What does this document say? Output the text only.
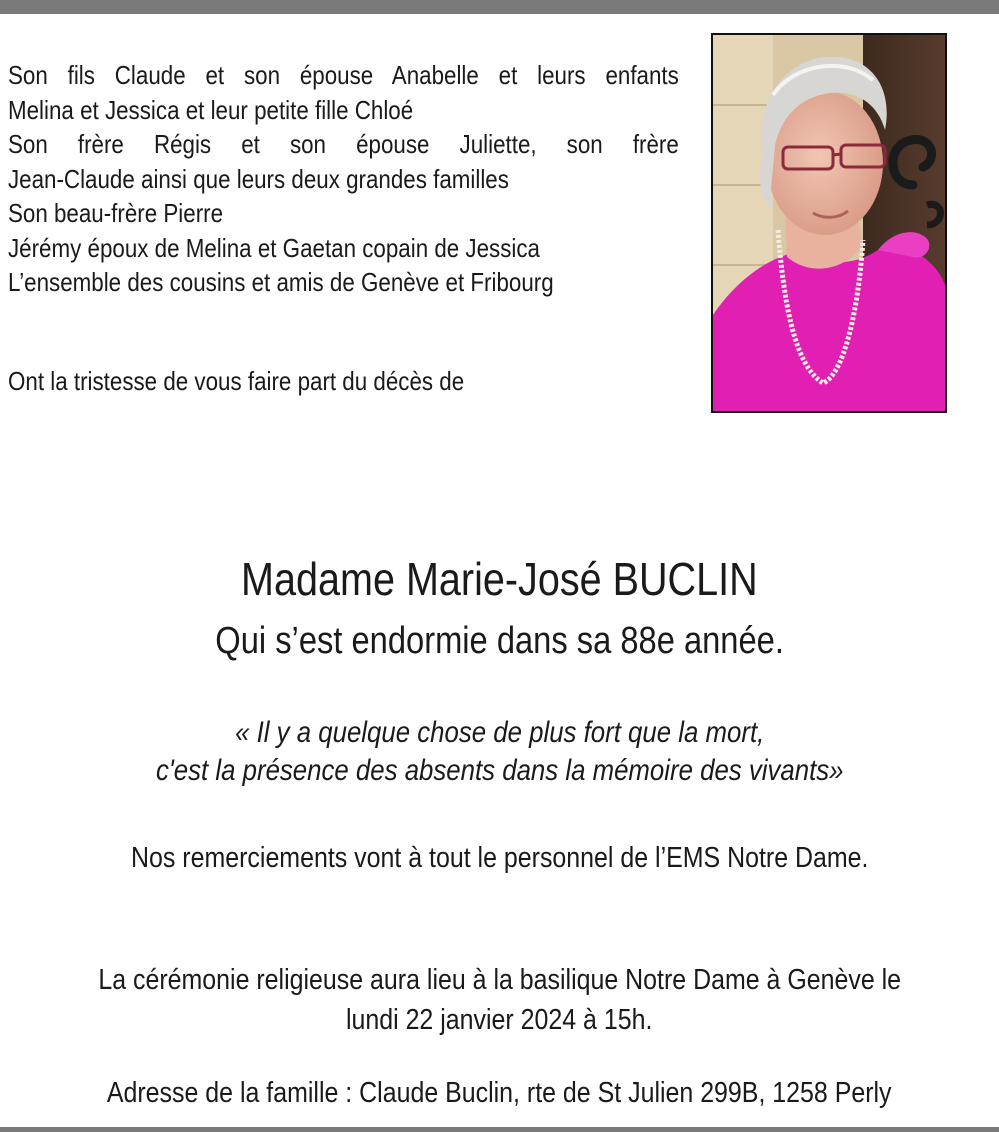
Son fils Claude et son épouse Anabelle et leurs enfants
Melina et Jessica et leur petite fille Chloé
Son frère Régis et son épouse Juliette, son frère
Jean-Claude ainsi que leurs deux grandes familles
Son beau-frère Pierre
Jérémy époux de Melina et Gaetan copain de Jessica
L’ensemble des cousins et amis de Genève et Fribourg
Ont la tristesse de vous faire part du décès de
Madame Marie-José BUCLIN
Qui s’est endormie dans sa 88e année.
« Il y a quelque chose de plus fort que la mort,
c'est la présence des absents dans la mémoire des vivants»
Nos remerciements vont à tout le personnel de l’EMS Notre Dame.
La cérémonie religieuse aura lieu à la basilique Notre Dame à Genève le
lundi 22 janvier 2024 à 15h.
Adresse de la famille : Claude Buclin, rte de St Julien 299B, 1258 Perly
